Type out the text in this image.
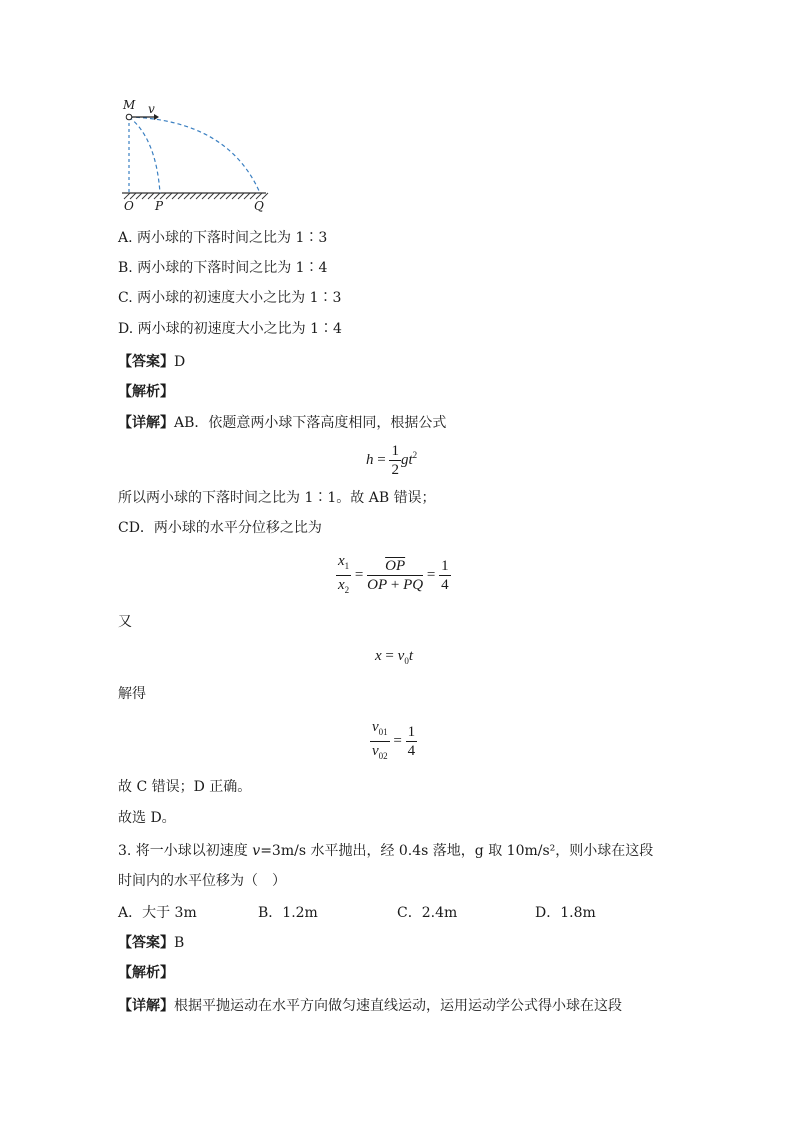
M v
O P	Q
A. 两小球的下落时间之比为 1∶3
B. 两小球的下落时间之比为 1∶4
C. 两小球的初速度大小之比为 1∶3
D. 两小球的初速度大小之比为 1∶4
【答案】D
【解析】
【详解】AB．依题意两小球下落高度相同，根据公式
$h = \frac{1}{2} gt^2$
所以两小球的下落时间之比为 1∶1。故 AB 错误；
CD．两小球的水平分位移之比为
$\frac{x_1}{x_2} = \frac{\overline{OP}}{OP + PQ} = \frac{1}{4}$
又
$x = v_0t$
解得
$\frac{v_{01}}{v_{02}} = \frac{1}{4}$
故 C 错误；D 正确。
故选 D。
3. 将一小球以初速度 v=3m/s 水平抛出，经 0.4s 落地，g 取 10m/s²，则小球在这段
时间内的水平位移为（　）
A．大于 3m	B．1.2m	C．2.4m	D．1.8m
【答案】B
【解析】
【详解】根据平抛运动在水平方向做匀速直线运动，运用运动学公式得小球在这段
